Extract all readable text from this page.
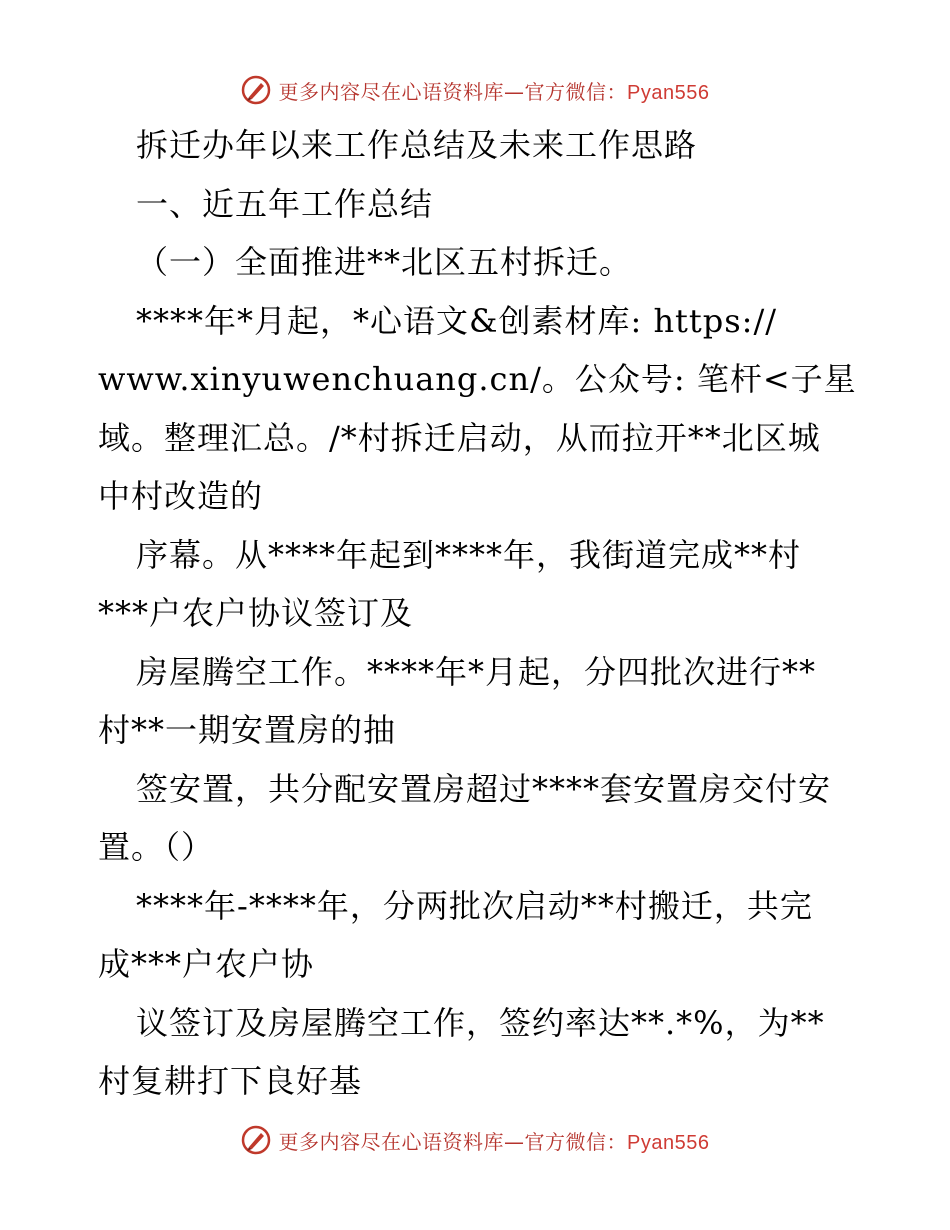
更多内容尽在心语资料库—官方微信：Pyan556
拆迁办年以来工作总结及未来工作思路
一、近五年工作总结
（一）全面推进**北区五村拆迁。
****年*月起，*心语文&创素材库: https://
www.xinyuwenchuang.cn/。公众号: 笔杆<子星
域。整理汇总。/*村拆迁启动，从而拉开**北区城
中村改造的
序幕。从****年起到****年，我街道完成**村
***户农户协议签订及
房屋腾空工作。****年*月起，分四批次进行**
村**一期安置房的抽
签安置，共分配安置房超过****套安置房交付安
置。（）
****年-****年，分两批次启动**村搬迁，共完
成***户农户协
议签订及房屋腾空工作，签约率达**.*%，为**
村复耕打下良好基
更多内容尽在心语资料库—官方微信：Pyan556
